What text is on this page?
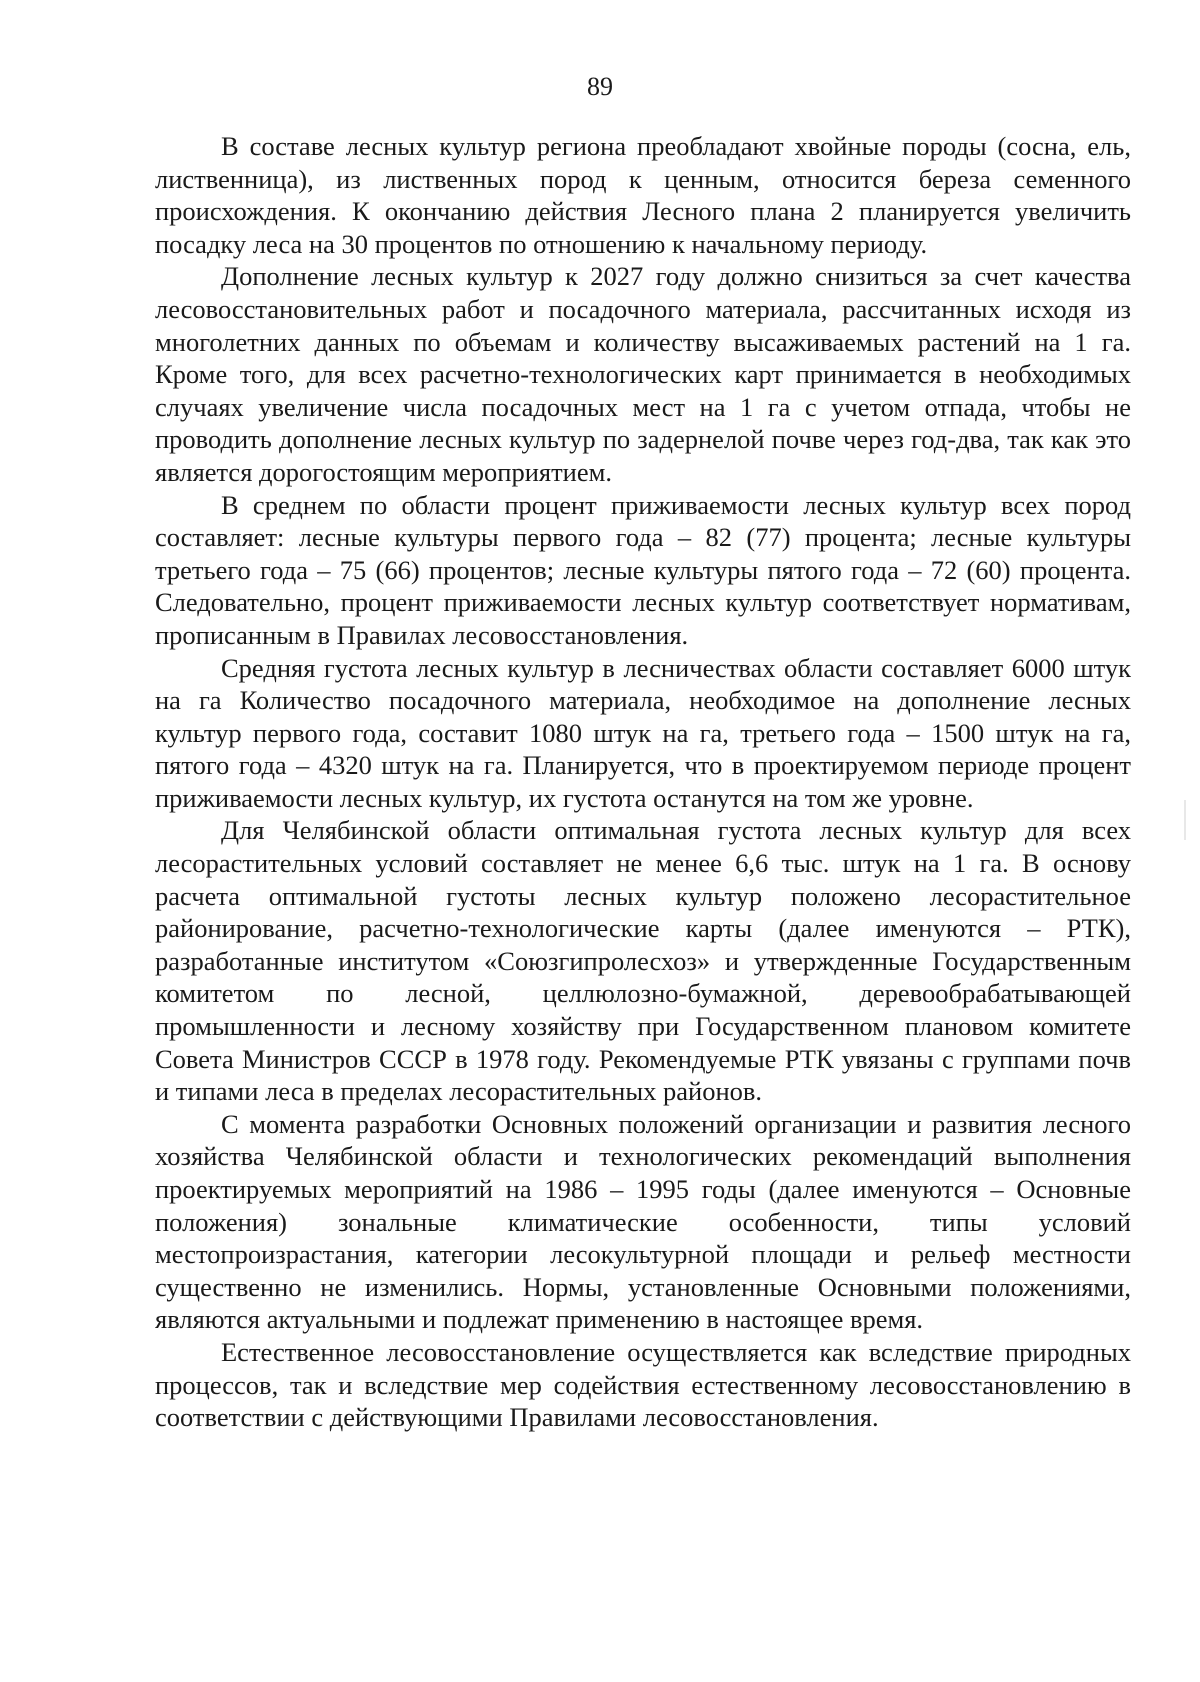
89

В составе лесных культур региона преобладают хвойные породы (сосна, ель, лиственница), из лиственных пород к ценным, относится береза семенного происхождения. К окончанию действия Лесного плана 2 планируется увеличить посадку леса на 30 процентов по отношению к начальному периоду.

Дополнение лесных культур к 2027 году должно снизиться за счет качества лесовосстановительных работ и посадочного материала, рассчитанных исходя из многолетних данных по объемам и количеству высаживаемых растений на 1 га. Кроме того, для всех расчетно-технологических карт принимается в необходимых случаях увеличение числа посадочных мест на 1 га с учетом отпада, чтобы не проводить дополнение лесных культур по задернелой почве через год-два, так как это является дорогостоящим мероприятием.

В среднем по области процент приживаемости лесных культур всех пород составляет: лесные культуры первого года – 82 (77) процента; лесные культуры третьего года – 75 (66) процентов; лесные культуры пятого года – 72 (60) процента. Следовательно, процент приживаемости лесных культур соответствует нормативам, прописанным в Правилах лесовосстановления.

Средняя густота лесных культур в лесничествах области составляет 6000 штук на га Количество посадочного материала, необходимое на дополнение лесных культур первого года, составит 1080 штук на га, третьего года – 1500 штук на га, пятого года – 4320 штук на га. Планируется, что в проектируемом периоде процент приживаемости лесных культур, их густота останутся на том же уровне.

Для Челябинской области оптимальная густота лесных культур для всех лесорастительных условий составляет не менее 6,6 тыс. штук на 1 га. В основу расчета оптимальной густоты лесных культур положено лесорастительное районирование, расчетно-технологические карты (далее именуются – РТК), разработанные институтом «Союзгипролесхоз» и утвержденные Государственным комитетом по лесной, целлюлозно-бумажной, деревообрабатывающей промышленности и лесному хозяйству при Государственном плановом комитете Совета Министров СССР в 1978 году. Рекомендуемые РТК увязаны с группами почв и типами леса в пределах лесорастительных районов.

С момента разработки Основных положений организации и развития лесного хозяйства Челябинской области и технологических рекомендаций выполнения проектируемых мероприятий на 1986 – 1995 годы (далее именуются – Основные положения) зональные климатические особенности, типы условий местопроизрастания, категории лесокультурной площади и рельеф местности существенно не изменились. Нормы, установленные Основными положениями, являются актуальными и подлежат применению в настоящее время.

Естественное лесовосстановление осуществляется как вследствие природных процессов, так и вследствие мер содействия естественному лесовосстановлению в соответствии с действующими Правилами лесовосстановления.
